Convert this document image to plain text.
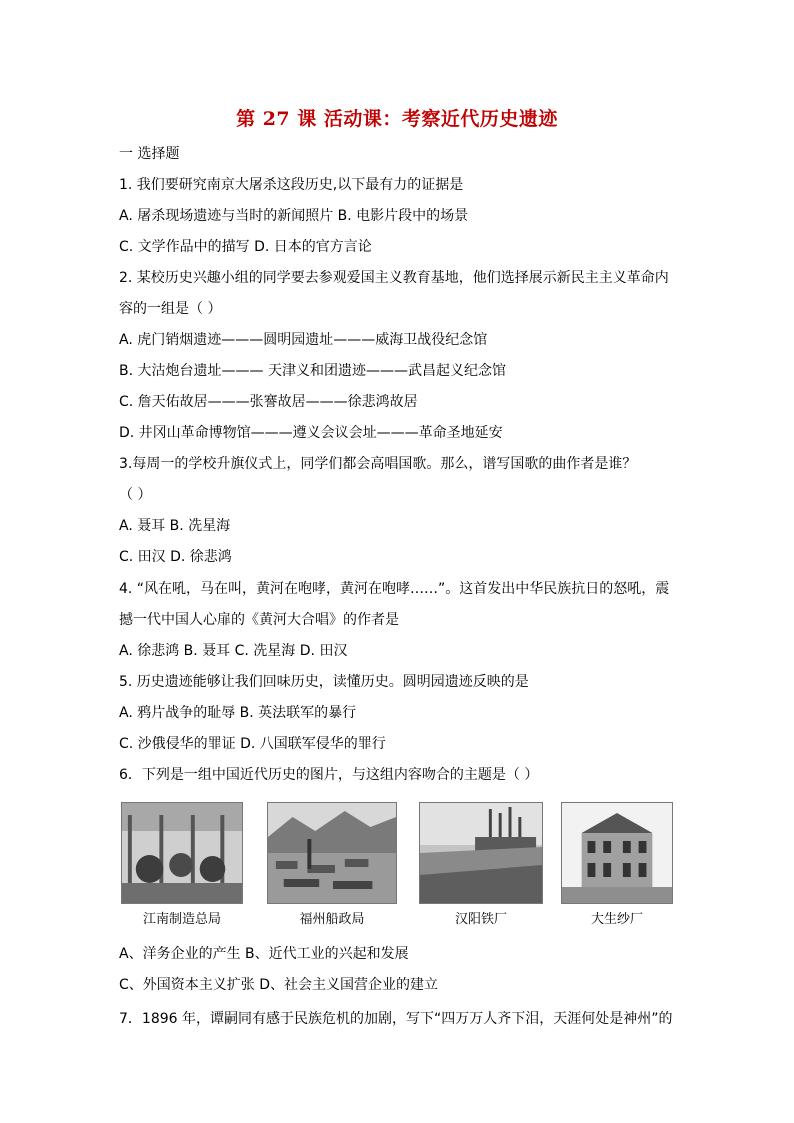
第 27 课 活动课：考察近代历史遗迹
一 选择题
1. 我们要研究南京大屠杀这段历史,以下最有力的证据是
A. 屠杀现场遗迹与当时的新闻照片 B. 电影片段中的场景
C. 文学作品中的描写 D. 日本的官方言论
2. 某校历史兴趣小组的同学要去参观爱国主义教育基地，他们选择展示新民主主义革命内
容的一组是（ ）
A. 虎门销烟遗迹———圆明园遗址———威海卫战役纪念馆
B. 大沽炮台遗址——— 天津义和团遗迹———武昌起义纪念馆
C. 詹天佑故居———张謇故居———徐悲鸿故居
D. 井冈山革命博物馆———遵义会议会址———革命圣地延安
3.每周一的学校升旗仪式上，同学们都会高唱国歌。那么，谱写国歌的曲作者是谁？
（ ）
A. 聂耳 B. 冼星海
C. 田汉 D. 徐悲鸿
4. “风在吼，马在叫，黄河在咆哮，黄河在咆哮……”。这首发出中华民族抗日的怒吼，震
撼一代中国人心扉的《黄河大合唱》的作者是
A. 徐悲鸿 B. 聂耳 C. 冼星海 D. 田汉
5. 历史遗迹能够让我们回味历史，读懂历史。圆明园遗迹反映的是
A. 鸦片战争的耻辱 B. 英法联军的暴行
C. 沙俄侵华的罪证 D. 八国联军侵华的罪行
6．下列是一组中国近代历史的图片，与这组内容吻合的主题是（ ）
江南制造总局	福州船政局	汉阳铁厂	大生纱厂
A、洋务企业的产生 B、近代工业的兴起和发展
C、外国资本主义扩张 D、社会主义国营企业的建立
7．1896 年，谭嗣同有感于民族危机的加剧，写下“四万万人齐下泪，天涯何处是神州”的
